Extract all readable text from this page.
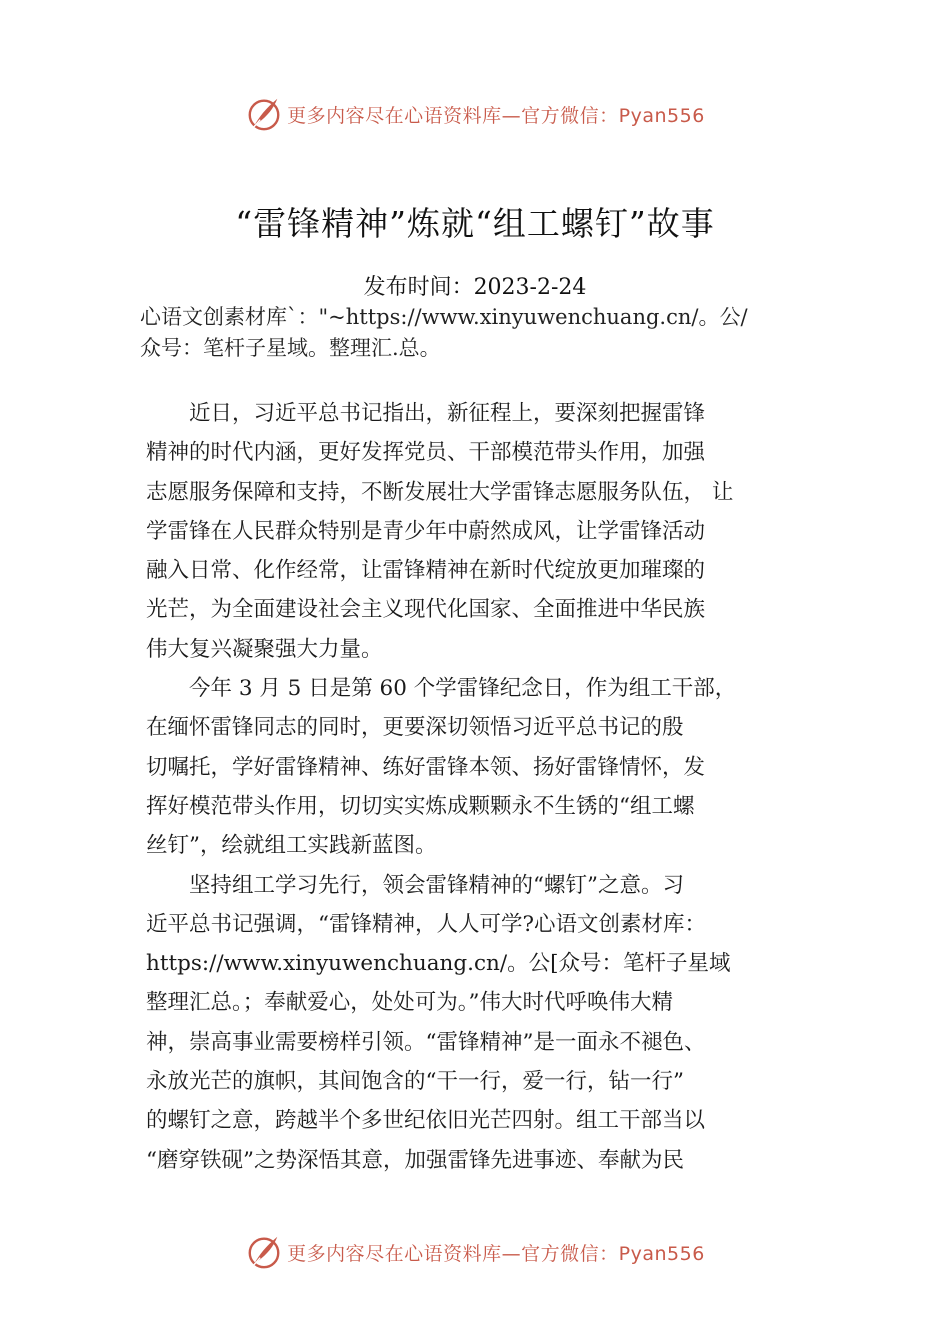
更多内容尽在心语资料库—官方微信：Pyan556
“雷锋精神”炼就“组工螺钉”故事
发布时间：2023-2-24
心语文创素材库`："~https://www.xinyuwenchuang.cn/。公/
众号：笔杆子星域。整理汇.总。
　　近日，习近平总书记指出，新征程上，要深刻把握雷锋
精神的时代内涵，更好发挥党员、干部模范带头作用，加强
志愿服务保障和支持，不断发展壮大学雷锋志愿服务队伍， 让
学雷锋在人民群众特别是青少年中蔚然成风，让学雷锋活动
融入日常、化作经常，让雷锋精神在新时代绽放更加璀璨的
光芒，为全面建设社会主义现代化国家、全面推进中华民族
伟大复兴凝聚强大力量。
　　今年 3 月 5 日是第 60 个学雷锋纪念日，作为组工干部，
在缅怀雷锋同志的同时，更要深切领悟习近平总书记的殷
切嘱托，学好雷锋精神、练好雷锋本领、扬好雷锋情怀，发
挥好模范带头作用，切切实实炼成颗颗永不生锈的“组工螺
丝钉”，绘就组工实践新蓝图。
　　坚持组工学习先行，领会雷锋精神的“螺钉”之意。习
近平总书记强调，“雷锋精神，人人可学?心语文创素材库：
https://www.xinyuwenchuang.cn/。公[众号：笔杆子星域
整理汇总。；奉献爱心，处处可为。”伟大时代呼唤伟大精
神，崇高事业需要榜样引领。“雷锋精神”是一面永不褪色、
永放光芒的旗帜，其间饱含的“干一行，爱一行，钻一行”
的螺钉之意，跨越半个多世纪依旧光芒四射。组工干部当以
“磨穿铁砚”之势深悟其意，加强雷锋先进事迹、奉献为民
更多内容尽在心语资料库—官方微信：Pyan556
